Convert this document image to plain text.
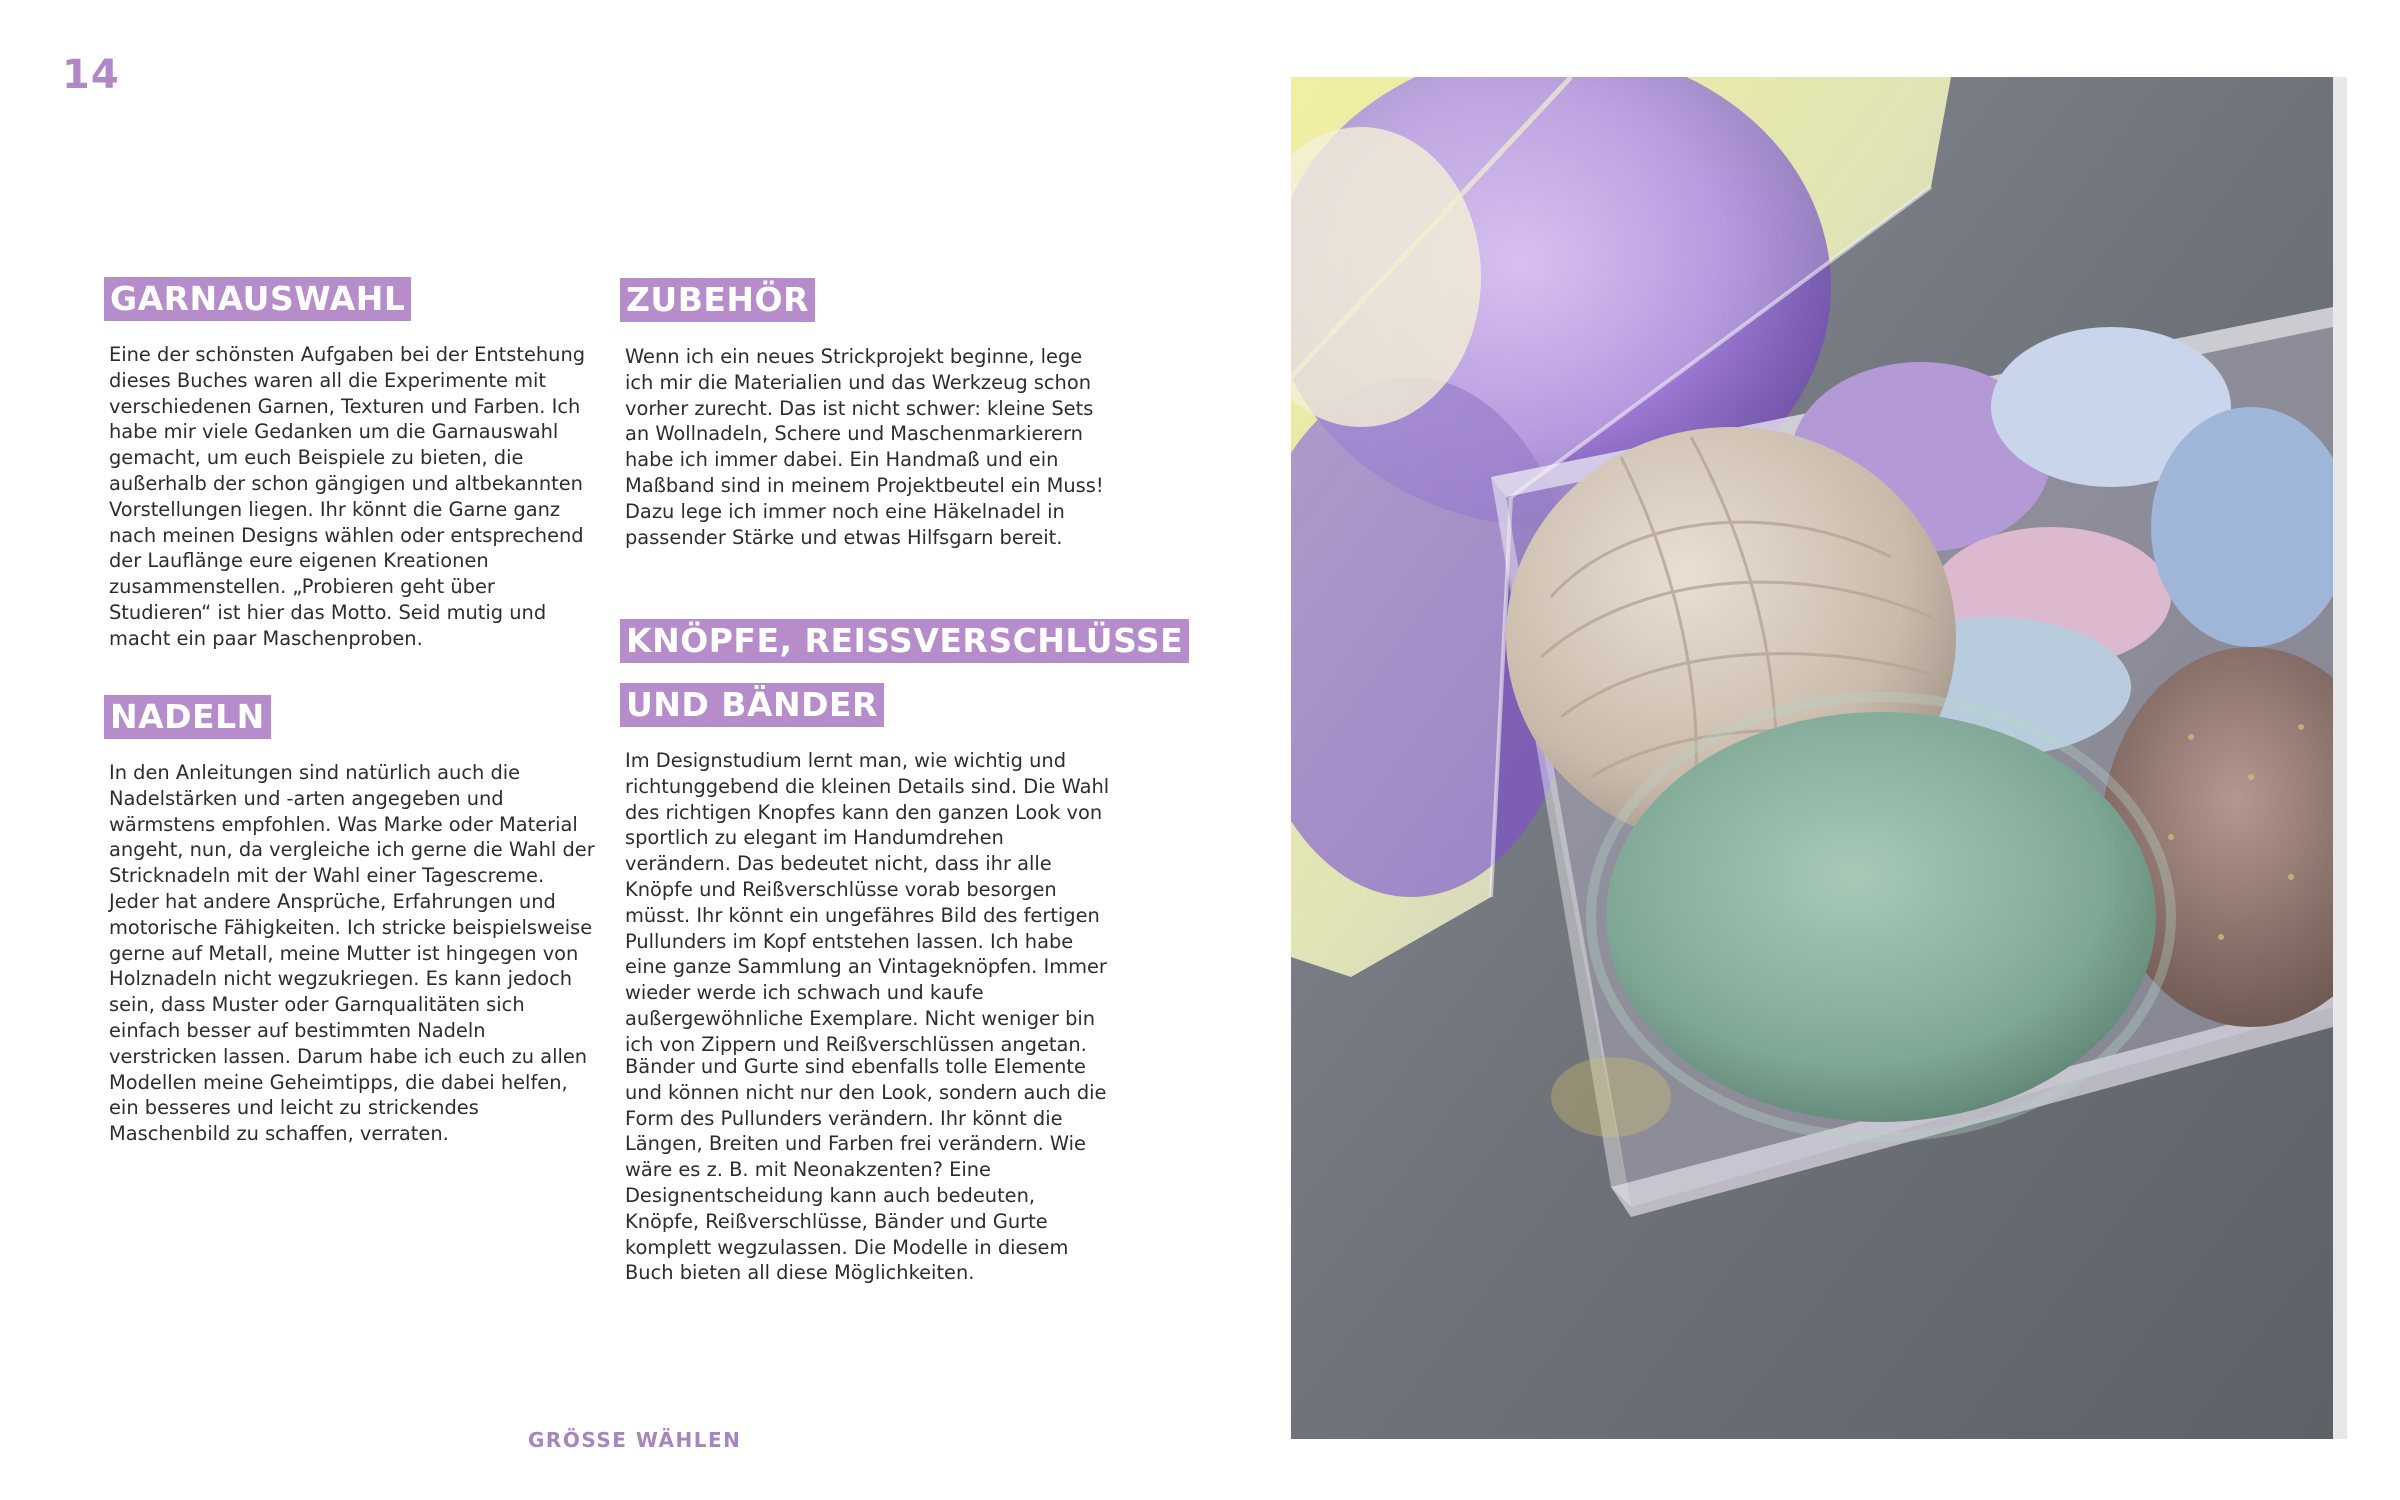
14
GARNAUSWAHL
Eine der schönsten Aufgaben bei der Entstehung dieses Buches waren all die Experimente mit verschiedenen Garnen, Texturen und Farben. Ich habe mir viele Gedanken um die Garnauswahl gemacht, um euch Beispiele zu bieten, die außerhalb der schon gängigen und altbekannten Vorstellungen liegen. Ihr könnt die Garne ganz nach meinen Designs wählen oder entsprechend der Lauflänge eure eigenen Kreationen zusammenstellen. „Probieren geht über Studieren“ ist hier das Motto. Seid mutig und macht ein paar Maschenproben.
NADELN
In den Anleitungen sind natürlich auch die Nadelstärken und -arten angegeben und wärmstens empfohlen. Was Marke oder Material angeht, nun, da vergleiche ich gerne die Wahl der Stricknadeln mit der Wahl einer Tagescreme. Jeder hat andere Ansprüche, Erfahrungen und motorische Fähigkeiten. Ich stricke beispielsweise gerne auf Metall, meine Mutter ist hingegen von Holznadeln nicht wegzukriegen. Es kann jedoch sein, dass Muster oder Garnqualitäten sich einfach besser auf bestimmten Nadeln verstricken lassen. Darum habe ich euch zu allen Modellen meine Geheimtipps, die dabei helfen, ein besseres und leicht zu strickendes Maschenbild zu schaffen, verraten.
ZUBEHÖR
Wenn ich ein neues Strickprojekt beginne, lege ich mir die Materialien und das Werkzeug schon vorher zurecht. Das ist nicht schwer: kleine Sets an Wollnadeln, Schere und Maschenmarkierern habe ich immer dabei. Ein Handmaß und ein Maßband sind in meinem Projektbeutel ein Muss! Dazu lege ich immer noch eine Häkelnadel in passender Stärke und etwas Hilfsgarn bereit.
KNÖPFE, REISSVERSCHLÜSSE
UND BÄNDER
Im Designstudium lernt man, wie wichtig und richtunggebend die kleinen Details sind. Die Wahl des richtigen Knopfes kann den ganzen Look von sportlich zu elegant im Handumdrehen verändern. Das bedeutet nicht, dass ihr alle Knöpfe und Reißverschlüsse vorab besorgen müsst. Ihr könnt ein ungefähres Bild des fertigen Pullunders im Kopf entstehen lassen. Ich habe eine ganze Sammlung an Vintageknöpfen. Immer wieder werde ich schwach und kaufe außergewöhnliche Exemplare. Nicht weniger bin ich von Zippern und Reißverschlüssen angetan.
Bänder und Gurte sind ebenfalls tolle Elemente und können nicht nur den Look, sondern auch die Form des Pullunders verändern. Ihr könnt die Längen, Breiten und Farben frei verändern. Wie wäre es z. B. mit Neonakzenten? Eine Designentscheidung kann auch bedeuten, Knöpfe, Reißverschlüsse, Bänder und Gurte komplett wegzulassen. Die Modelle in diesem Buch bieten all diese Möglichkeiten.
GRÖSSE WÄHLEN
